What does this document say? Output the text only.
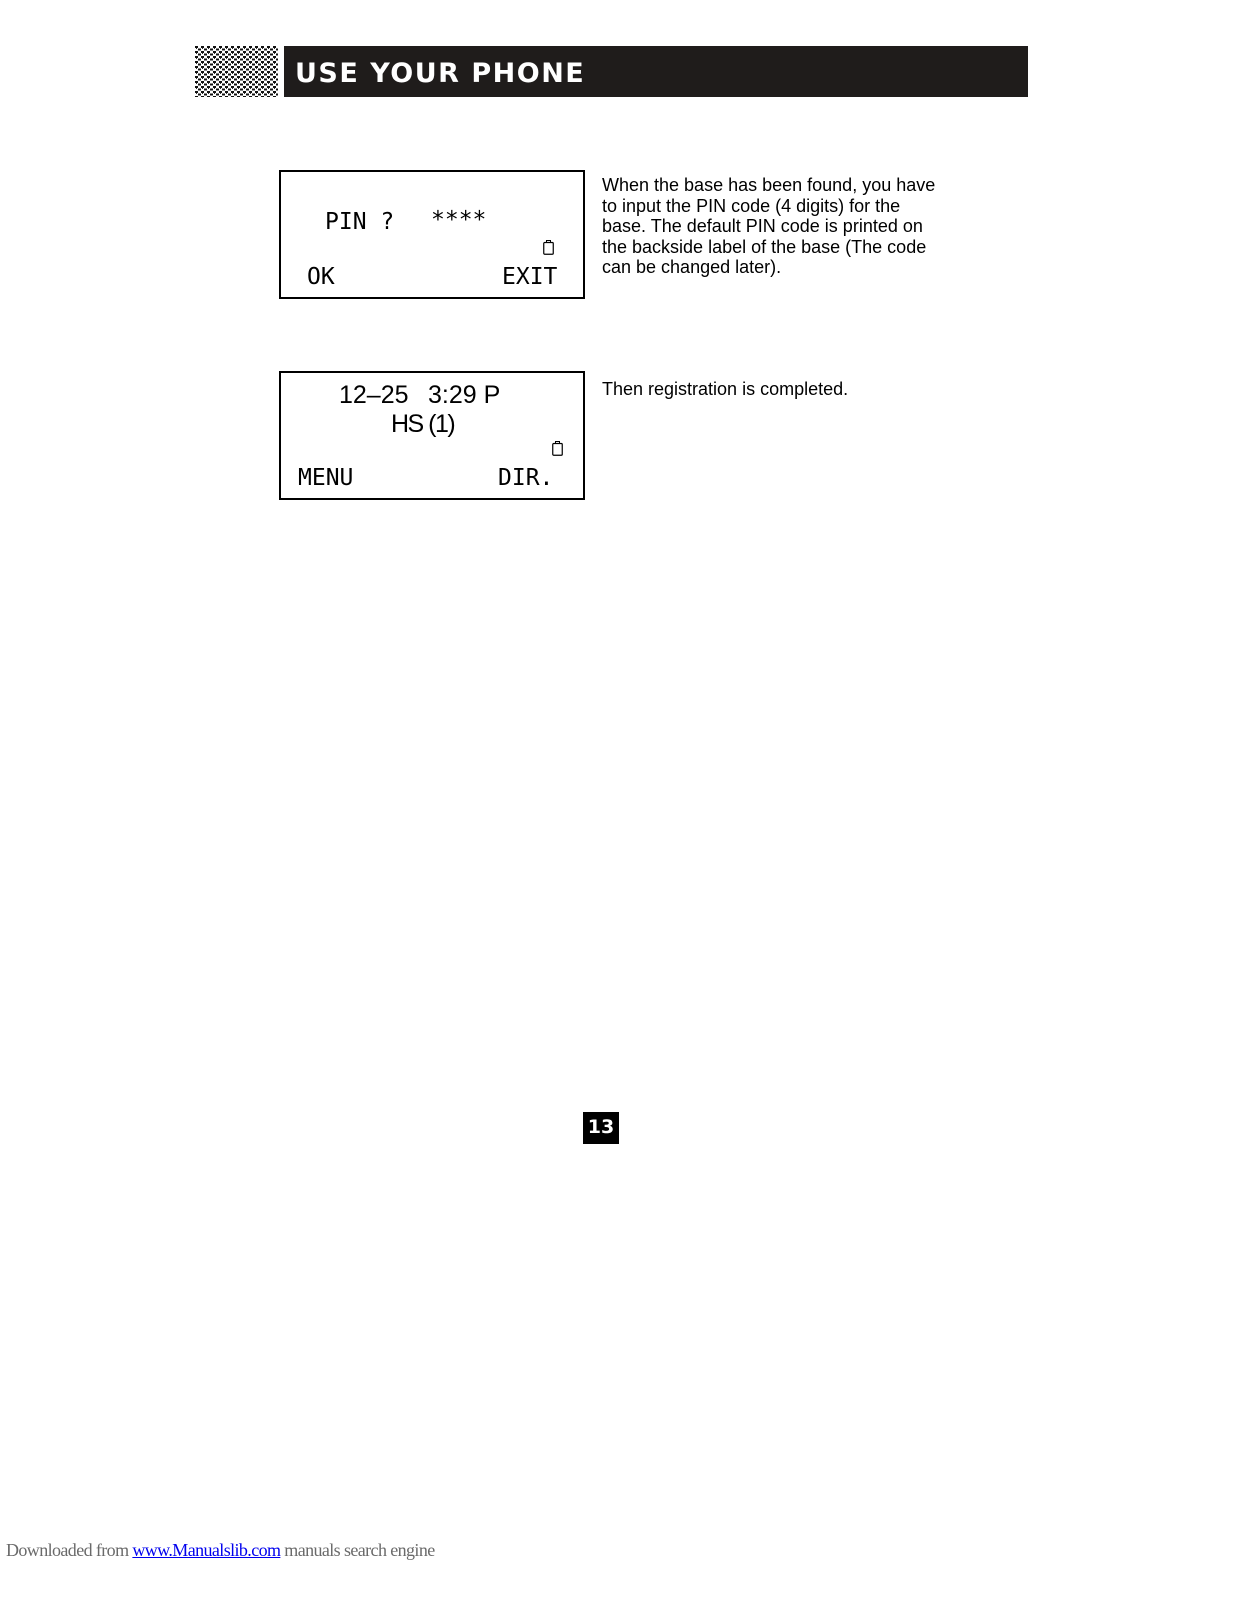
USE YOUR PHONE
PIN ? ****
OK	EXIT
When the base has been found, you have to input the PIN code (4 digits) for the base. The default PIN code is printed on the backside label of the base (The code can be changed later).
12–25 3:29 P
HS (1)
MENU	DIR.
Then registration is completed.
13
Downloaded from www.Manualslib.com manuals search engine
